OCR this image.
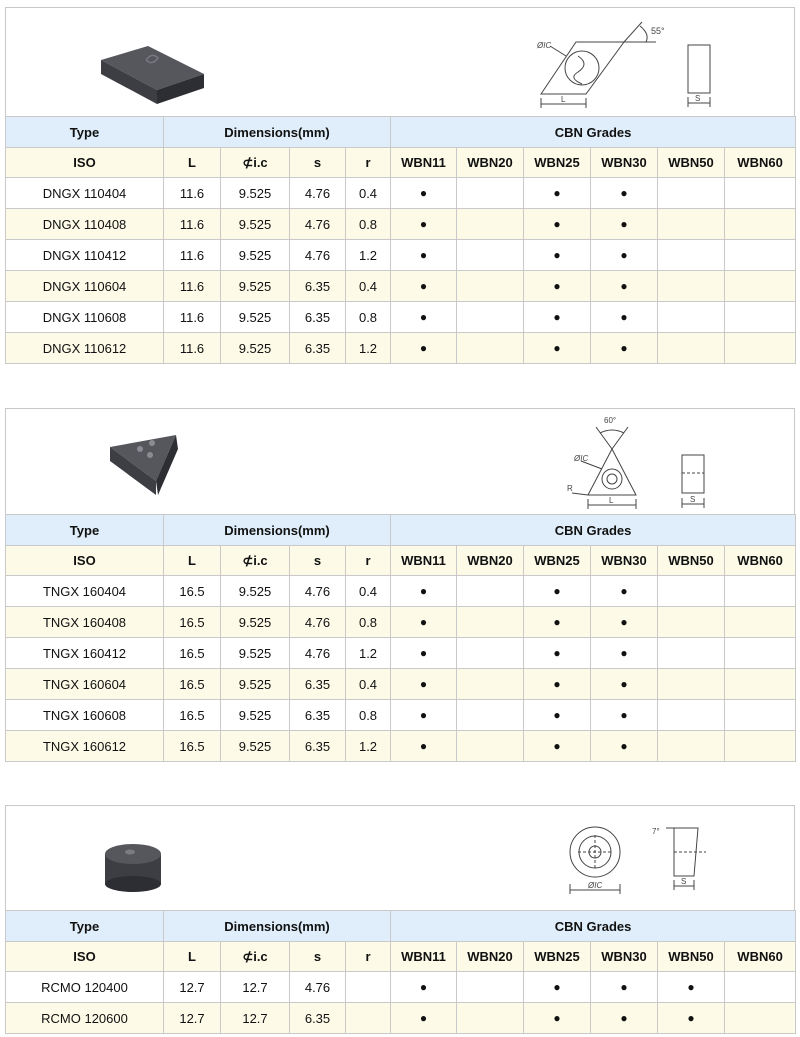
55°
ØIC
L	S
Type	Dimensions(mm)				CBN Grades					
ISO	L	⊄i.c	s	r	WBN11	WBN20	WBN25	WBN30	WBN50	WBN60
DNGX 110404	11.6	9.525	4.76	0.4	●		●	●		
DNGX 110408	11.6	9.525	4.76	0.8	●		●	●		
DNGX 110412	11.6	9.525	4.76	1.2	●		●	●		
DNGX 110604	11.6	9.525	6.35	0.4	●		●	●		
DNGX 110608	11.6	9.525	6.35	0.8	●		●	●		
DNGX 110612	11.6	9.525	6.35	1.2	●		●	●		
60°
ØIC
R
L	S
Type	Dimensions(mm)				CBN Grades					
ISO	L	⊄i.c	s	r	WBN11	WBN20	WBN25	WBN30	WBN50	WBN60
TNGX 160404	16.5	9.525	4.76	0.4	●		●	●		
TNGX 160408	16.5	9.525	4.76	0.8	●		●	●		
TNGX 160412	16.5	9.525	4.76	1.2	●		●	●		
TNGX 160604	16.5	9.525	6.35	0.4	●		●	●		
TNGX 160608	16.5	9.525	6.35	0.8	●		●	●		
TNGX 160612	16.5	9.525	6.35	1.2	●		●	●		
7°
ØIC	S
Type	Dimensions(mm)				CBN Grades					
ISO	L	⊄i.c	s	r	WBN11	WBN20	WBN25	WBN30	WBN50	WBN60
RCMO 120400	12.7	12.7	4.76		●		●	●	●	
RCMO 120600	12.7	12.7	6.35		●		●	●	●	
